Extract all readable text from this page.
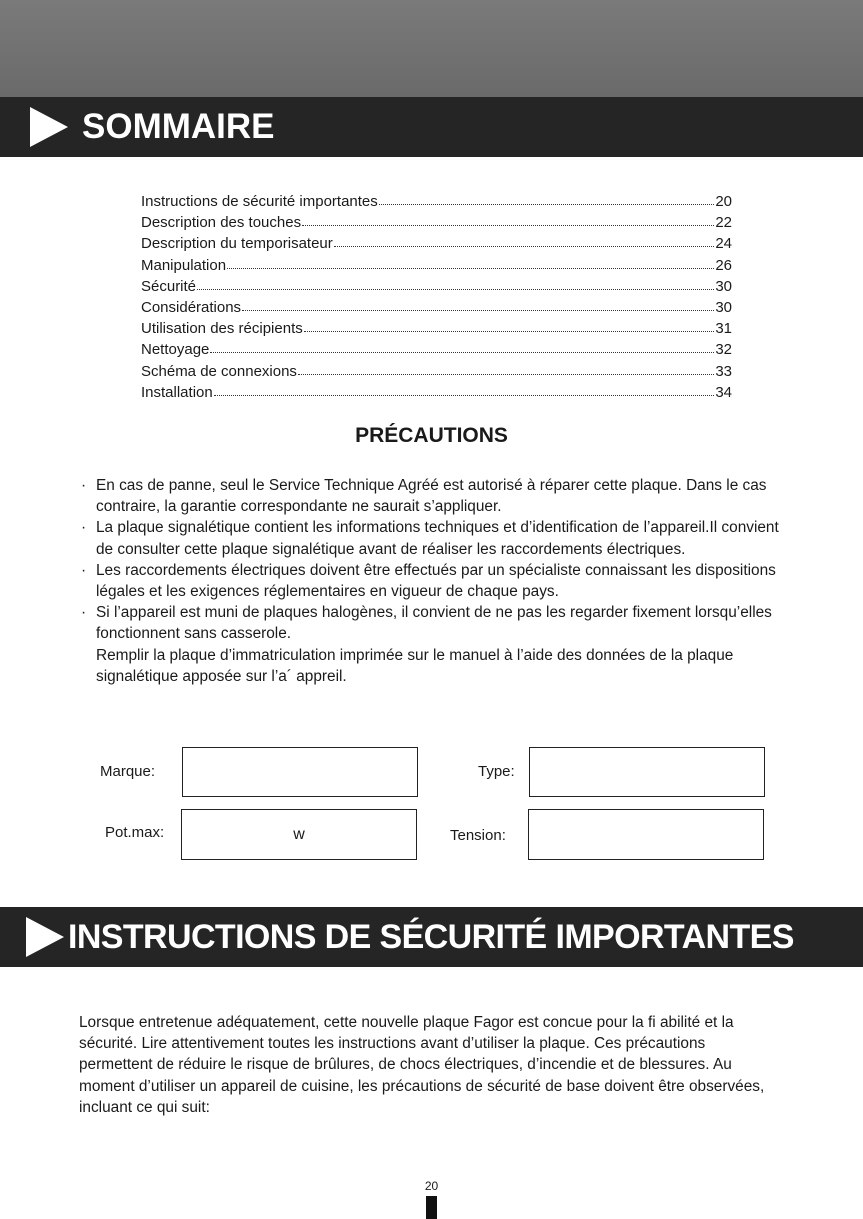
SOMMAIRE
Instructions de sécurité importantes	20
Description des touches	22
Description du temporisateur	24
Manipulation	26
Sécurité	30
Considérations	30
Utilisation des récipients	31
Nettoyage	32
Schéma de connexions	33
Installation	34
PRÉCAUTIONS
· En cas de panne, seul le Service Technique Agréé est autorisé à réparer cette plaque. Dans le cas contraire, la garantie correspondante ne saurait s’appliquer.
· La plaque signalétique contient les informations techniques et d’identification de l’appareil.Il convient de consulter cette plaque signalétique avant de réaliser les raccordements électriques.
· Les raccordements électriques doivent être effectués par un spécialiste connaissant les dispositions légales et les exigences réglementaires en vigueur de chaque pays.
· Si l’appareil est muni de plaques halogènes, il convient de ne pas les regarder fixement lorsqu’elles fonctionnent sans casserole.
Remplir la plaque d’immatriculation imprimée sur le manuel à l’aide des données de la plaque signalétique apposée sur l’a´ appreil.
Marque:	Type:
Pot.max:	w	Tension:
INSTRUCTIONS DE SÉCURITÉ IMPORTANTES
Lorsque entretenue adéquatement, cette nouvelle plaque Fagor est concue pour la fi abilité et la sécurité. Lire attentivement toutes les instructions avant d’utiliser la plaque. Ces précautions permettent de réduire le risque de brûlures, de chocs électriques, d’incendie et de blessures. Au moment d’utiliser un appareil de cuisine, les précautions de sécurité de base doivent être observées, incluant ce qui suit:
20
